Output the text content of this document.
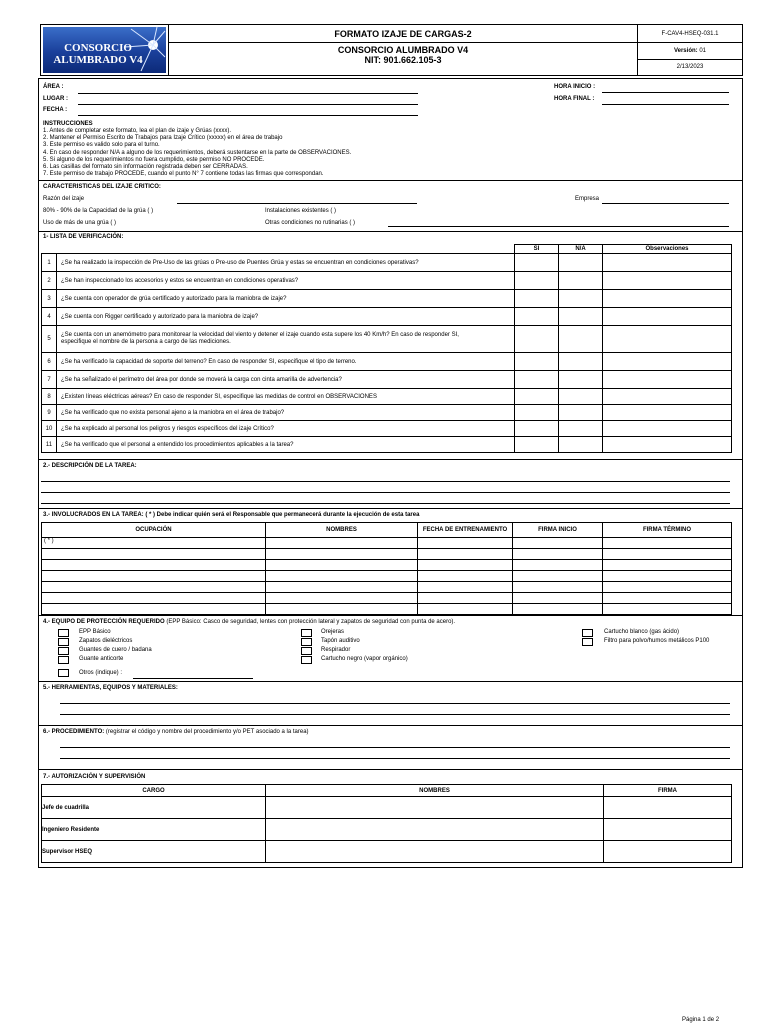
CONSORCIO
ALUMBRADO V4
FORMATO IZAJE DE CARGAS-2
CONSORCIO ALUMBRADO V4
NIT: 901.662.105-3
F-CAV4-HSEQ-031.1
Versión: 01
2/13/2023
ÁREA :
LUGAR :
FECHA :
HORA INICIO :
HORA FINAL :
INSTRUCCIONES
1. Antes de completar este formato, lea el plan de izaje y Grúas (xxxx).
2. Mantener el Permiso Escrito de Trabajos para Izaje Crítico (xxxxx) en el área de trabajo
3. Este permiso es valido solo para el turno.
4. En caso de responder N/A a alguno de los requerimientos, deberá sustentarse en la parte de OBSERVACIONES.
5. Si alguno de los requerimientos no fuera cumplido, este permiso NO PROCEDE.
6. Las casillas del formato sin información registrada deben ser CERRADAS.
7. Este permiso de trabajo PROCEDE, cuando el punto N° 7 contiene todas las firmas que correspondan.
CARACTERISTICAS DEL IZAJE CRITICO:
Razón del izaje	Empresa
80% - 90% de la Capacidad de la grúa ( )	Instalaciones existentes ( )
Uso de más de una grúa ( )	Otras condiciones no rutinarias ( )
1- LISTA DE VERIFICACIÓN:
		SI	N/A	Observaciones
1	¿Se ha realizado la inspección de Pre-Uso de las grúas o Pre-uso de Puentes Grúa y estas se encuentran en condiciones operativas?			
2	¿Se han inspeccionado los accesorios y estos se encuentran en condiciones operativas?			
3	¿Se cuenta con operador de grúa certificado y autorizado para la maniobra de izaje?			
4	¿Se cuenta con Rigger certificado y autorizado para la maniobra de izaje?			
5	¿Se cuenta con un anemómetro para monitorear la velocidad del viento y detener el izaje cuando esta supere los 40 Km/h? En caso de responder SI, especifique el nombre de la persona a cargo de las mediciones.			
6	¿Se ha verificado la capacidad de soporte del terreno? En caso de responder SI, especifique el tipo de terreno.			
7	¿Se ha señalizado el perímetro del área por donde se moverá la carga con cinta amarilla de advertencia?			
8	¿Existen líneas eléctricas aéreas? En caso de responder SI, especifique las medidas de control en OBSERVACIONES			
9	¿Se ha verificado que no exista personal ajeno a la maniobra en el área de trabajo?			
10	¿Se ha explicado al personal los peligros y riesgos específicos del izaje Crítico?			
11	¿Se ha verificado que el personal a entendido los procedimientos aplicables a la tarea?			
2.- DESCRIPCIÓN DE LA TAREA:
3.- INVOLUCRADOS EN LA TAREA: ( * ) Debe indicar quién será el Responsable que permanecerá durante la ejecución de esta tarea
OCUPACIÓN	NOMBRES	FECHA DE ENTRENAMIENTO	FIRMA INICIO	FIRMA TÉRMINO
( * )				

4.- EQUIPO DE PROTECCIÓN REQUERIDO (EPP Básico: Casco de seguridad, lentes con protección lateral y zapatos de seguridad con punta de acero).
EPP Básico
Zapatos dieléctricos
Guantes de cuero / badana
Guante anticorte
Orejeras
Tapón auditivo
Respirador
Cartucho negro (vapor orgánico)
Cartucho blanco (gas ácido)
Filtro para polvo/humos metálicos P100
Otros (indique) :
5.- HERRAMIENTAS, EQUIPOS Y MATERIALES:
6.- PROCEDIMIENTO: (registrar el código y nombre del procedimiento y/o PET asociado a la tarea)
7.- AUTORIZACIÓN Y SUPERVISIÓN
CARGO	NOMBRES	FIRMA
Jefe de cuadrilla		
Ingeniero Residente		
Supervisor HSEQ		
Página 1 de 2
